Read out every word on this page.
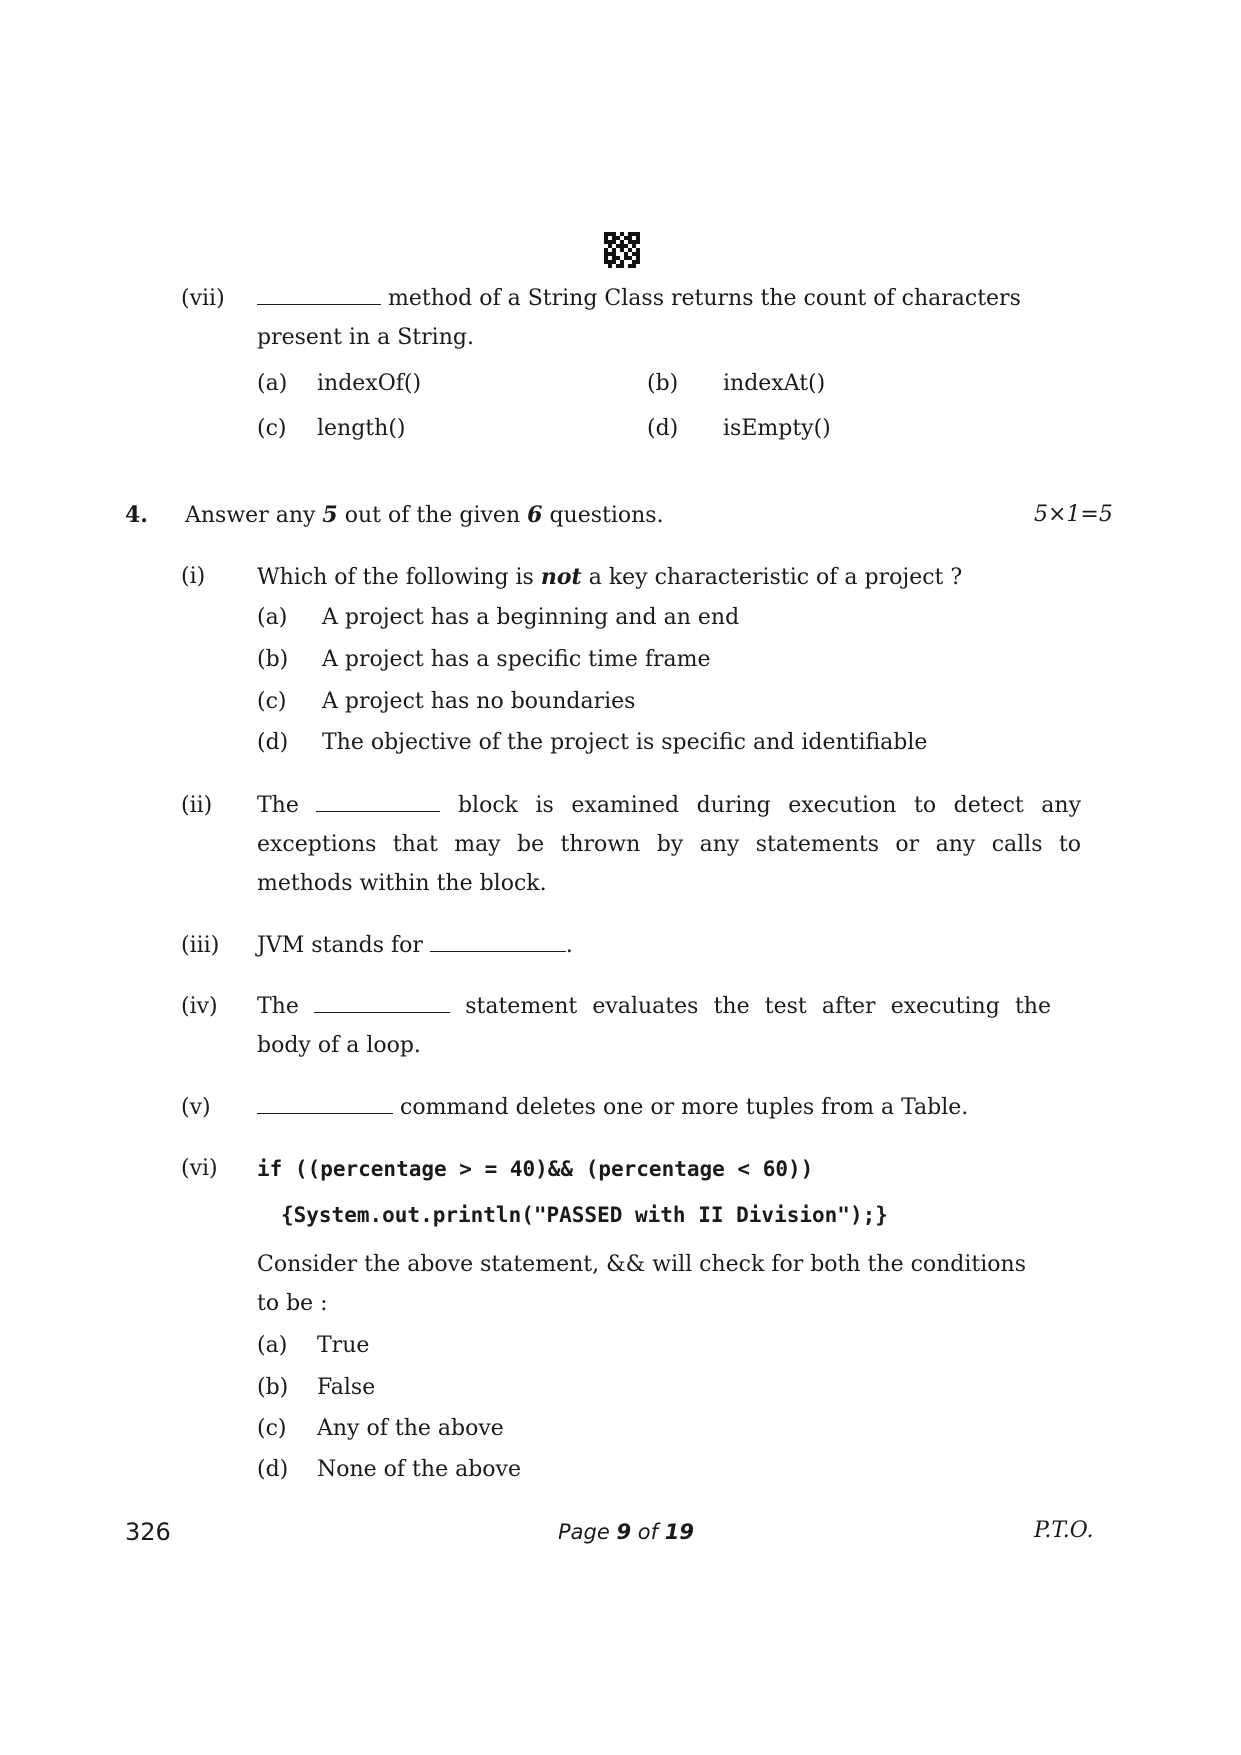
(vii)	method of a String Class returns the count of characters
present in a String.
(a) indexOf()	(b) indexAt()
(c) length()	(d) isEmpty()
4. Answer any 5 out of the given 6 questions.	5×1=5
(i) Which of the following is not a key characteristic of a project ?
(a) A project has a beginning and an end
(b) A project has a specific time frame
(c) A project has no boundaries
(d) The objective of the project is specific and identifiable
(ii) The	block is examined during execution to detect any
exceptions that may be thrown by any statements or any calls to
methods within the block.
(iii) JVM stands for	.
(iv) The	statement evaluates the test after executing the
body of a loop.
(v)	command deletes one or more tuples from a Table.
(vi) if ((percentage > = 40)&& (percentage < 60))
{System.out.println("PASSED with II Division");}
Consider the above statement, && will check for both the conditions
to be :
(a) True
(b) False
(c) Any of the above
(d) None of the above
326	Page 9 of 19	P.T.O.
